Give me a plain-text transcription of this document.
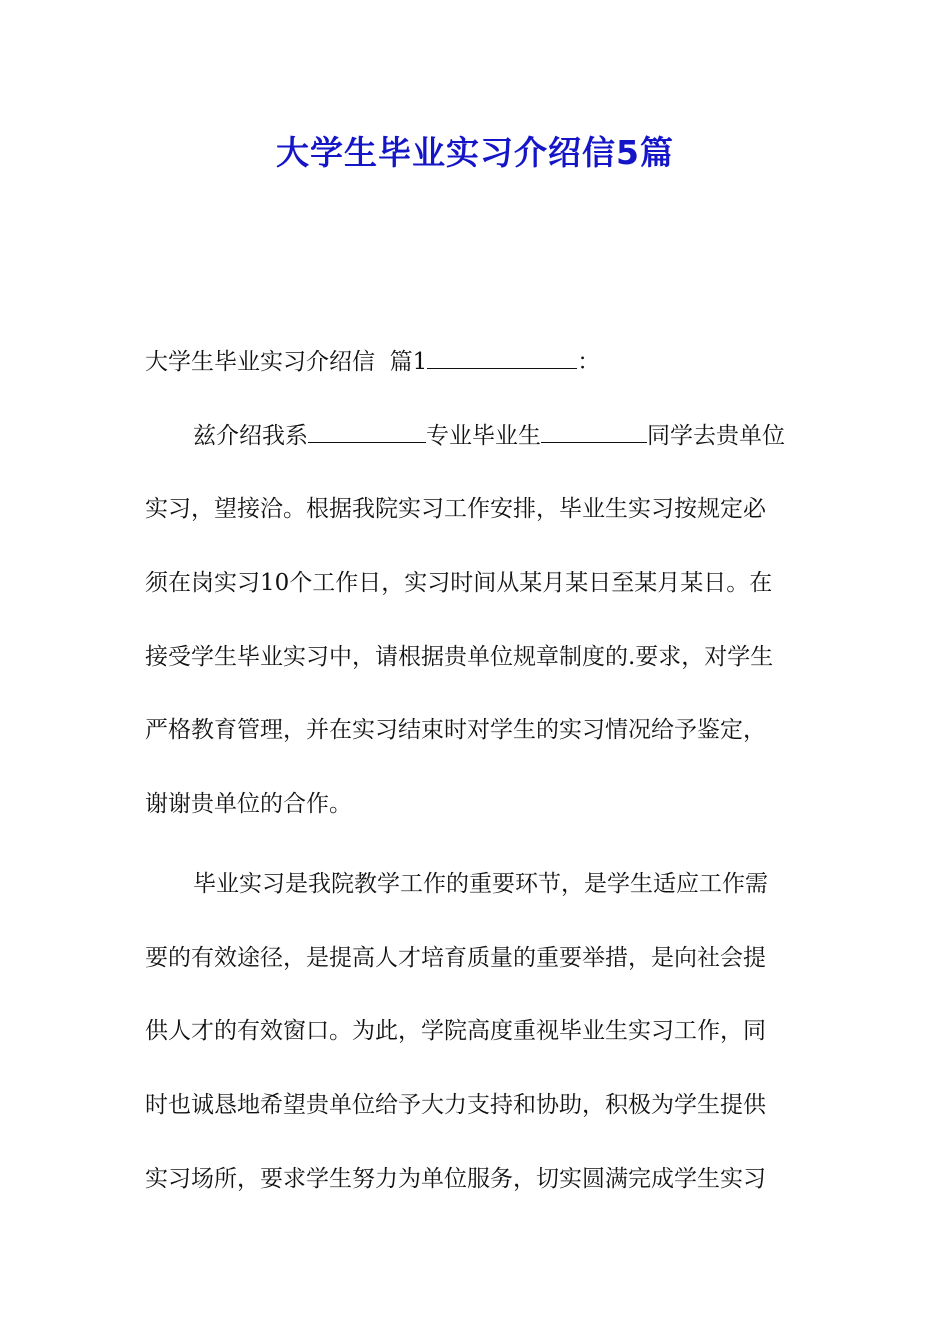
大学生毕业实习介绍信5篇
大学生毕业实习介绍信  篇1	：
兹介绍我系	专业毕业生	同学去贵单位
实习，望接洽。根据我院实习工作安排，毕业生实习按规定必
须在岗实习10个工作日，实习时间从某月某日至某月某日。在
接受学生毕业实习中，请根据贵单位规章制度的.要求，对学生
严格教育管理，并在实习结束时对学生的实习情况给予鉴定，
谢谢贵单位的合作。
毕业实习是我院教学工作的重要环节，是学生适应工作需
要的有效途径，是提高人才培育质量的重要举措，是向社会提
供人才的有效窗口。为此，学院高度重视毕业生实习工作，同
时也诚恳地希望贵单位给予大力支持和协助，积极为学生提供
实习场所，要求学生努力为单位服务，切实圆满完成学生实习
